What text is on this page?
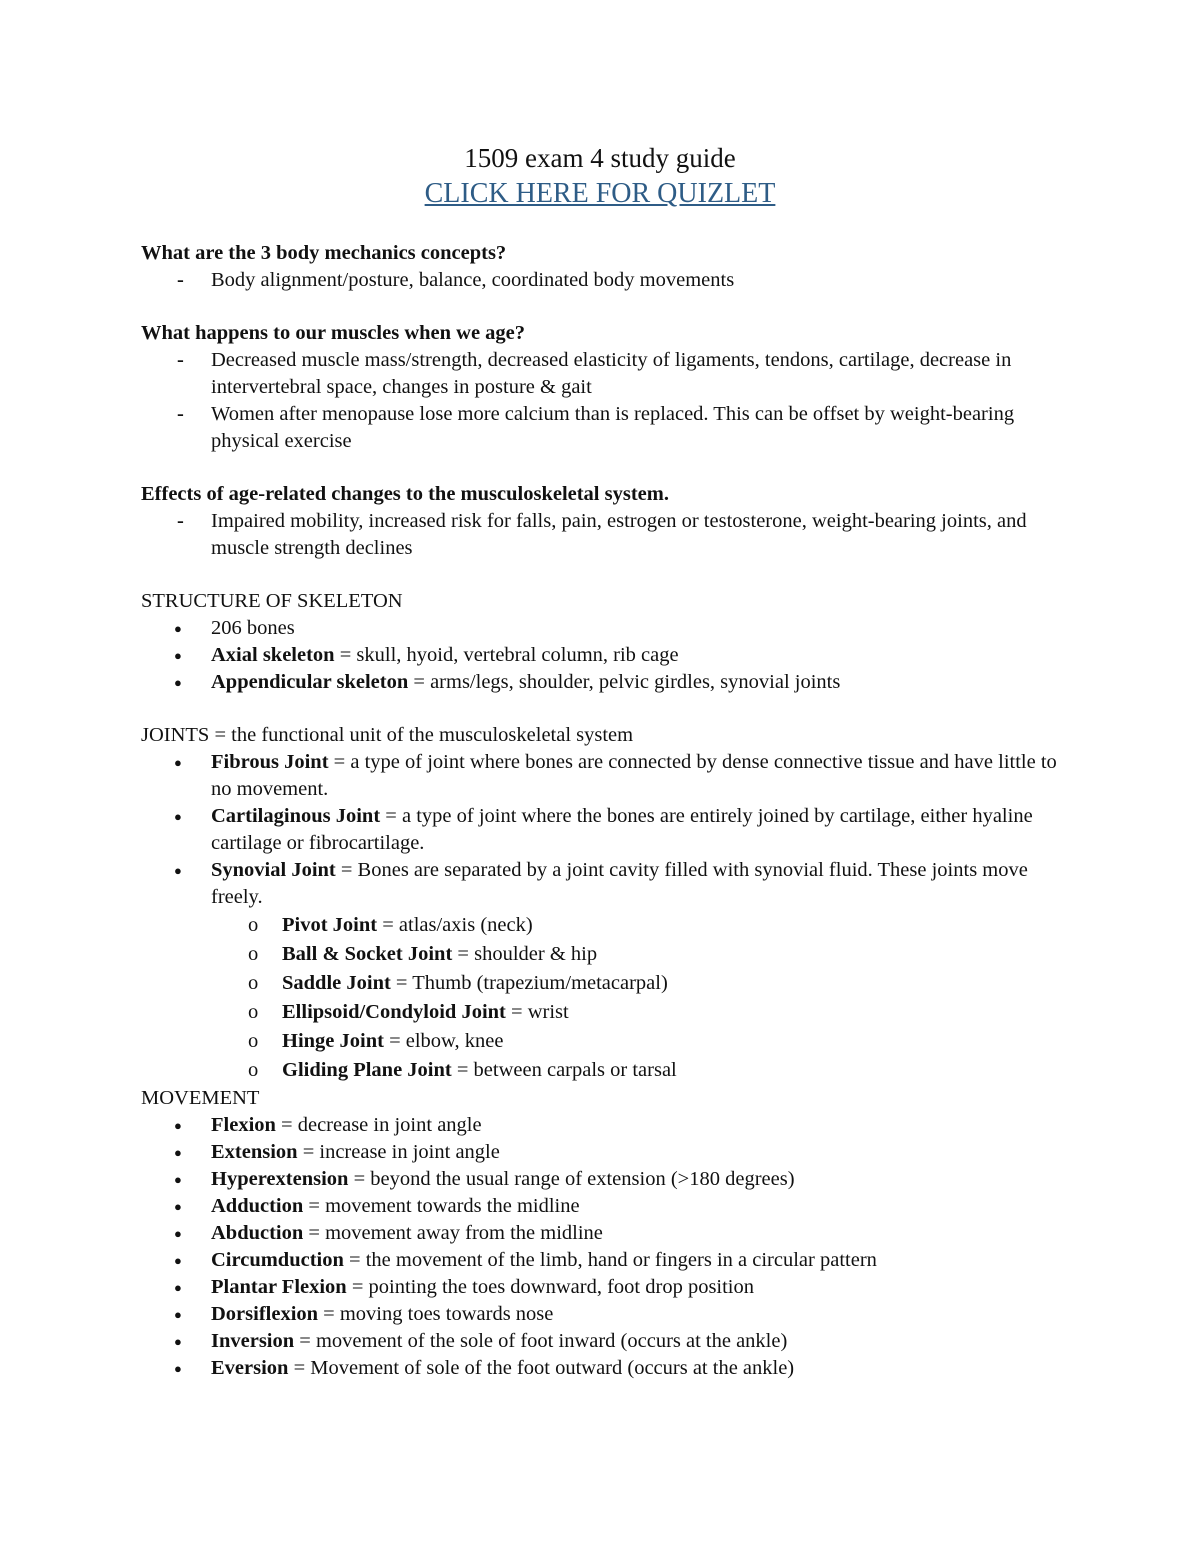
1509 exam 4 study guide
CLICK HERE FOR QUIZLET
What are the 3 body mechanics concepts?
- Body alignment/posture, balance, coordinated body movements
What happens to our muscles when we age?
- Decreased muscle mass/strength, decreased elasticity of ligaments, tendons, cartilage, decrease in intervertebral space, changes in posture & gait
- Women after menopause lose more calcium than is replaced. This can be offset by weight-bearing physical exercise
Effects of age-related changes to the musculoskeletal system.
- Impaired mobility, increased risk for falls, pain, estrogen or testosterone, weight-bearing joints, and muscle strength declines
STRUCTURE OF SKELETON
● 206 bones
● Axial skeleton = skull, hyoid, vertebral column, rib cage
● Appendicular skeleton = arms/legs, shoulder, pelvic girdles, synovial joints
JOINTS = the functional unit of the musculoskeletal system
● Fibrous Joint = a type of joint where bones are connected by dense connective tissue and have little to no movement.
● Cartilaginous Joint = a type of joint where the bones are entirely joined by cartilage, either hyaline cartilage or fibrocartilage.
● Synovial Joint = Bones are separated by a joint cavity filled with synovial fluid. These joints move freely.
o Pivot Joint = atlas/axis (neck)
o Ball & Socket Joint = shoulder & hip
o Saddle Joint = Thumb (trapezium/metacarpal)
o Ellipsoid/Condyloid Joint = wrist
o Hinge Joint = elbow, knee
o Gliding Plane Joint = between carpals or tarsal
MOVEMENT
● Flexion = decrease in joint angle
● Extension = increase in joint angle
● Hyperextension = beyond the usual range of extension (>180 degrees)
● Adduction = movement towards the midline
● Abduction = movement away from the midline
● Circumduction = the movement of the limb, hand or fingers in a circular pattern
● Plantar Flexion = pointing the toes downward, foot drop position
● Dorsiflexion = moving toes towards nose
● Inversion = movement of the sole of foot inward (occurs at the ankle)
● Eversion = Movement of sole of the foot outward (occurs at the ankle)
